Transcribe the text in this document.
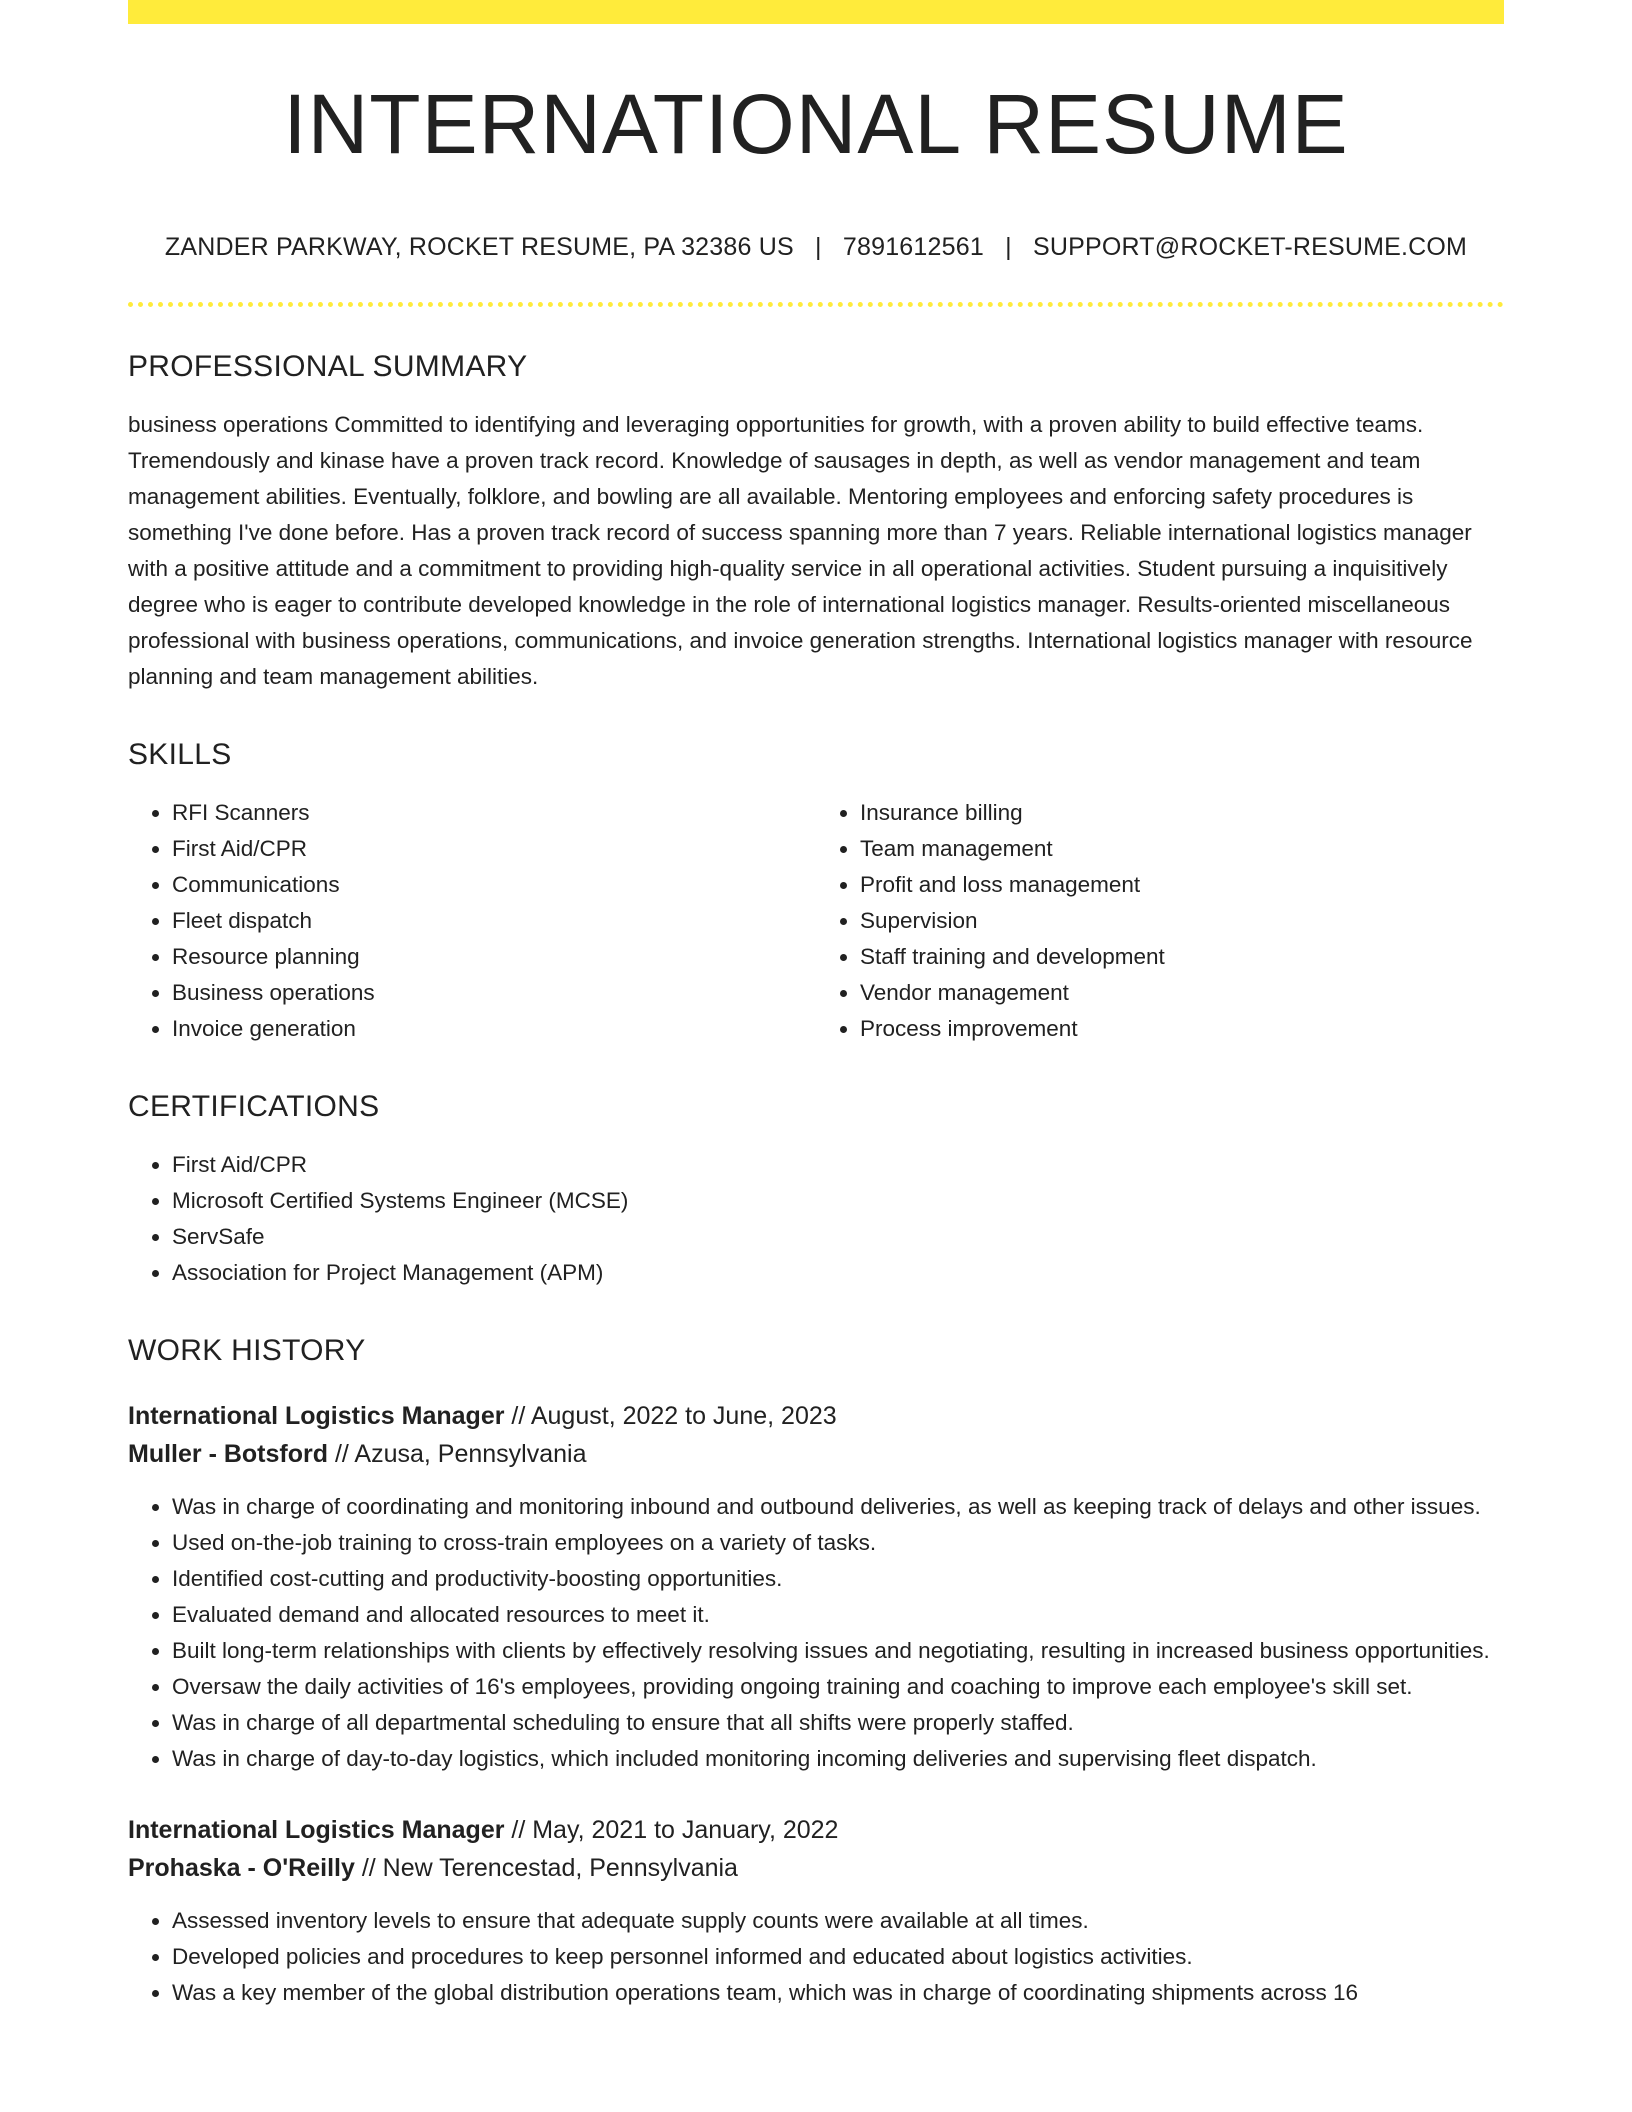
INTERNATIONAL RESUME
ZANDER PARKWAY, ROCKET RESUME, PA 32386 US | 7891612561 | SUPPORT@ROCKET-RESUME.COM
PROFESSIONAL SUMMARY

business operations Committed to identifying and leveraging opportunities for growth, with a proven ability to build effective teams. Tremendously and kinase have a proven track record. Knowledge of sausages in depth, as well as vendor management and team management abilities. Eventually, folklore, and bowling are all available. Mentoring employees and enforcing safety procedures is something I've done before. Has a proven track record of success spanning more than 7 years. Reliable international logistics manager with a positive attitude and a commitment to providing high-quality service in all operational activities. Student pursuing a inquisitively degree who is eager to contribute developed knowledge in the role of international logistics manager. Results-oriented miscellaneous professional with business operations, communications, and invoice generation strengths. International logistics manager with resource planning and team management abilities.

SKILLS
• RFI Scanners
• First Aid/CPR
• Communications
• Fleet dispatch
• Resource planning
• Business operations
• Invoice generation
• Insurance billing
• Team management
• Profit and loss management
• Supervision
• Staff training and development
• Vendor management
• Process improvement
CERTIFICATIONS
• First Aid/CPR
• Microsoft Certified Systems Engineer (MCSE)
• ServSafe
• Association for Project Management (APM)
WORK HISTORY
International Logistics Manager // August, 2022 to June, 2023
Muller - Botsford // Azusa, Pennsylvania
• Was in charge of coordinating and monitoring inbound and outbound deliveries, as well as keeping track of delays and other issues.
• Used on-the-job training to cross-train employees on a variety of tasks.
• Identified cost-cutting and productivity-boosting opportunities.
• Evaluated demand and allocated resources to meet it.
• Built long-term relationships with clients by effectively resolving issues and negotiating, resulting in increased business opportunities.
• Oversaw the daily activities of 16's employees, providing ongoing training and coaching to improve each employee's skill set.
• Was in charge of all departmental scheduling to ensure that all shifts were properly staffed.
• Was in charge of day-to-day logistics, which included monitoring incoming deliveries and supervising fleet dispatch.
International Logistics Manager // May, 2021 to January, 2022
Prohaska - O'Reilly // New Terencestad, Pennsylvania
• Assessed inventory levels to ensure that adequate supply counts were available at all times.
• Developed policies and procedures to keep personnel informed and educated about logistics activities.
• Was a key member of the global distribution operations team, which was in charge of coordinating shipments across 16
